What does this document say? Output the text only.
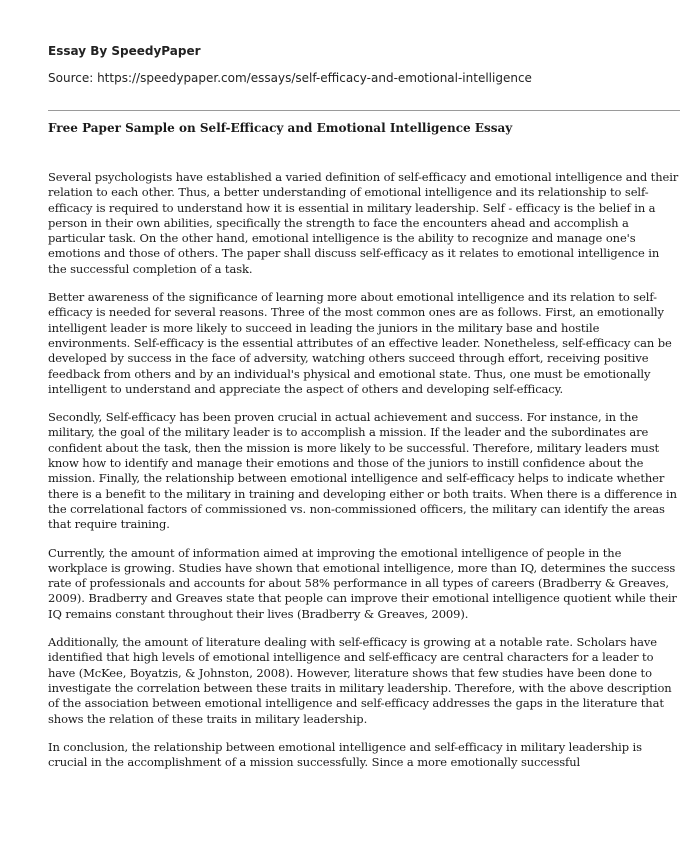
Essay By SpeedyPaper
Source: https://speedypaper.com/essays/self-efficacy-and-emotional-intelligence
Free Paper Sample on Self-Efficacy and Emotional Intelligence Essay

Several psychologists have established a varied definition of self-efficacy and emotional intelligence and their relation to each other. Thus, a better understanding of emotional intelligence and its relationship to self-efficacy is required to understand how it is essential in military leadership. Self - efficacy is the belief in a person in their own abilities, specifically the strength to face the encounters ahead and accomplish a particular task. On the other hand, emotional intelligence is the ability to recognize and manage one's emotions and those of others. The paper shall discuss self-efficacy as it relates to emotional intelligence in the successful completion of a task.

Better awareness of the significance of learning more about emotional intelligence and its relation to self-efficacy is needed for several reasons. Three of the most common ones are as follows. First, an emotionally intelligent leader is more likely to succeed in leading the juniors in the military base and hostile environments. Self-efficacy is the essential attributes of an effective leader. Nonetheless, self-efficacy can be developed by success in the face of adversity, watching others succeed through effort, receiving positive feedback from others and by an individual's physical and emotional state. Thus, one must be emotionally intelligent to understand and appreciate the aspect of others and developing self-efficacy.

Secondly, Self-efficacy has been proven crucial in actual achievement and success. For instance, in the military, the goal of the military leader is to accomplish a mission. If the leader and the subordinates are confident about the task, then the mission is more likely to be successful. Therefore, military leaders must know how to identify and manage their emotions and those of the juniors to instill confidence about the mission. Finally, the relationship between emotional intelligence and self-efficacy helps to indicate whether there is a benefit to the military in training and developing either or both traits. When there is a difference in the correlational factors of commissioned vs. non-commissioned officers, the military can identify the areas that require training.

Currently, the amount of information aimed at improving the emotional intelligence of people in the workplace is growing. Studies have shown that emotional intelligence, more than IQ, determines the success rate of professionals and accounts for about 58% performance in all types of careers (Bradberry & Greaves, 2009). Bradberry and Greaves state that people can improve their emotional intelligence quotient while their IQ remains constant throughout their lives (Bradberry & Greaves, 2009).

Additionally, the amount of literature dealing with self-efficacy is growing at a notable rate. Scholars have identified that high levels of emotional intelligence and self-efficacy are central characters for a leader to have (McKee, Boyatzis, & Johnston, 2008). However, literature shows that few studies have been done to investigate the correlation between these traits in military leadership. Therefore, with the above description of the association between emotional intelligence and self-efficacy addresses the gaps in the literature that shows the relation of these traits in military leadership.

In conclusion, the relationship between emotional intelligence and self-efficacy in military leadership is crucial in the accomplishment of a mission successfully. Since a more emotionally successful
